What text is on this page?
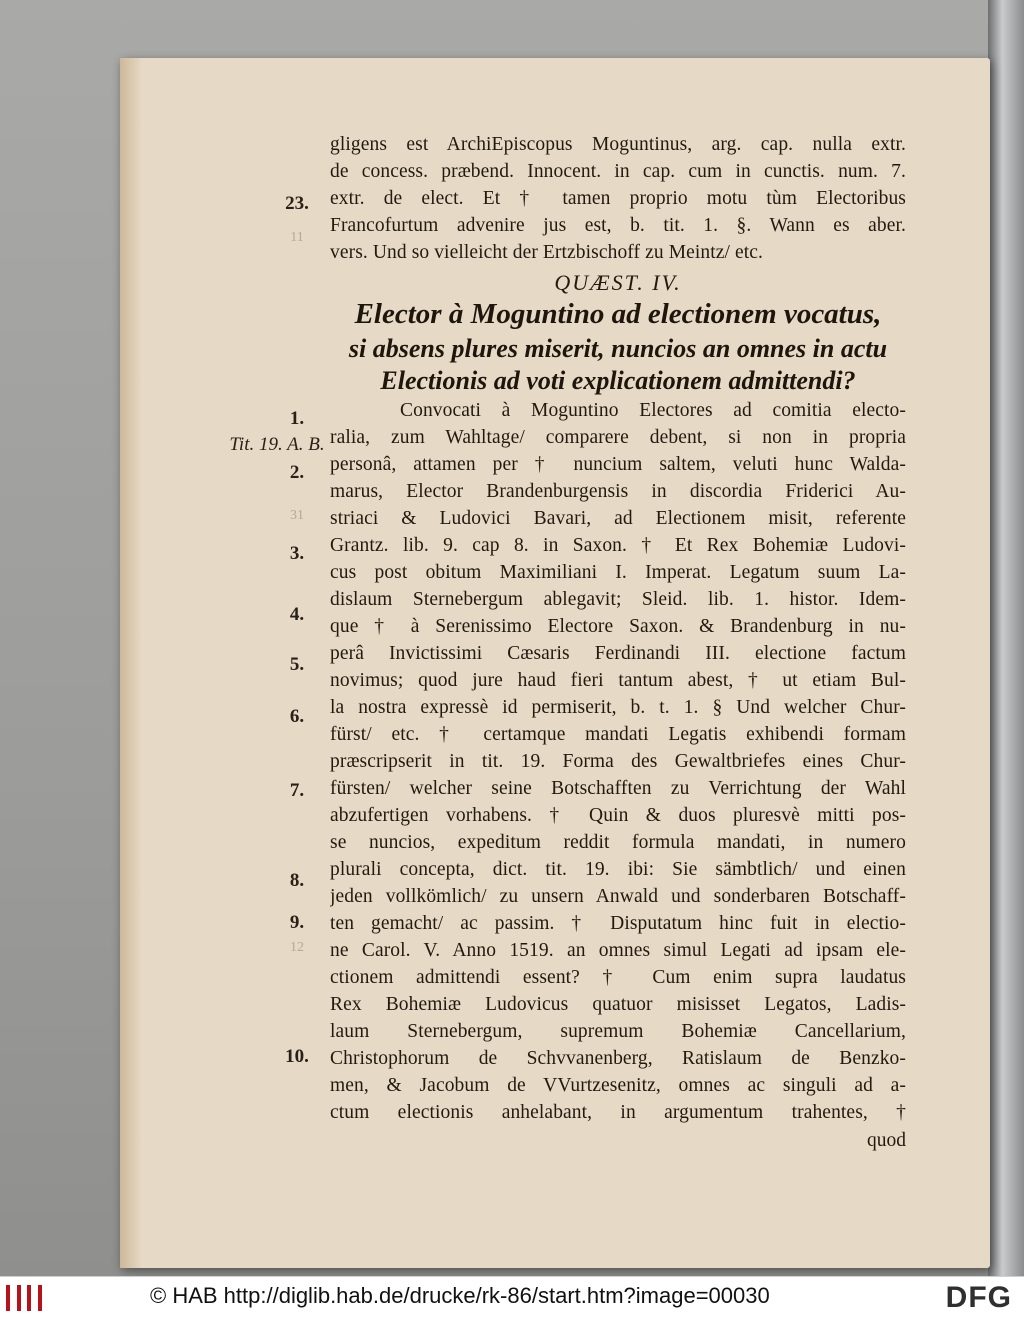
23.
1.
Tit. 19. A. B.
2.
3.
4.
5.
6.
7.
8.
9.
10.
12
11
31
gligens est ArchiEpiscopus Moguntinus, arg. cap. nulla extr.
de concess. præbend. Innocent. in cap. cum in cunctis. num. 7.
extr. de elect. Et † tamen proprio motu tùm Electoribus
Francofurtum advenire jus est, b. tit. 1. §. Wann es aber.
vers. Und so vielleicht der Ertzbischoff zu Meintz/ etc.
QUÆST. IV.
Elector à Moguntino ad electionem vocatus,
si absens plures miserit, nuncios an omnes in actu
Electionis ad voti explicationem admittendi?
Convocati à Moguntino Electores ad comitia electo-
ralia, zum Wahltage/ comparere debent, si non in propria
personâ, attamen per † nuncium saltem, veluti hunc Walda-
marus, Elector Brandenburgensis in discordia Friderici Au-
striaci & Ludovici Bavari, ad Electionem misit, referente
Grantz. lib. 9. cap 8. in Saxon. † Et Rex Bohemiæ Ludovi-
cus post obitum Maximiliani I. Imperat. Legatum suum La-
dislaum Sternebergum ablegavit; Sleid. lib. 1. histor. Idem-
que † à Serenissimo Electore Saxon. & Brandenburg in nu-
perâ Invictissimi Cæsaris Ferdinandi III. electione factum
novimus; quod jure haud fieri tantum abest, † ut etiam Bul-
la nostra expressè id permiserit, b. t. 1. § Und welcher Chur-
fürst/ etc. † certamque mandati Legatis exhibendi formam
præscripserit in tit. 19. Forma des Gewaltbriefes eines Chur-
fürsten/ welcher seine Botschafften zu Verrichtung der Wahl
abzufertigen vorhabens. † Quin & duos pluresvè mitti pos-
se nuncios, expeditum reddit formula mandati, in numero
plurali concepta, dict. tit. 19. ibi: Sie sämbtlich/ und einen
jeden vollkömlich/ zu unsern Anwald und sonderbaren Botschaff-
ten gemacht/ ac passim. † Disputatum hinc fuit in electio-
ne Carol. V. Anno 1519. an omnes simul Legati ad ipsam ele-
ctionem admittendi essent? † Cum enim supra laudatus
Rex Bohemiæ Ludovicus quatuor misisset Legatos, Ladis-
laum Sternebergum, supremum Bohemiæ Cancellarium,
Christophorum de Schvvanenberg, Ratislaum de Benzko-
men, & Jacobum de VVurtzesenitz, omnes ac singuli ad a-
ctum electionis anhelabant, in argumentum trahentes, †
quod
© HAB http://diglib.hab.de/drucke/rk-86/start.htm?image=00030	DFG
